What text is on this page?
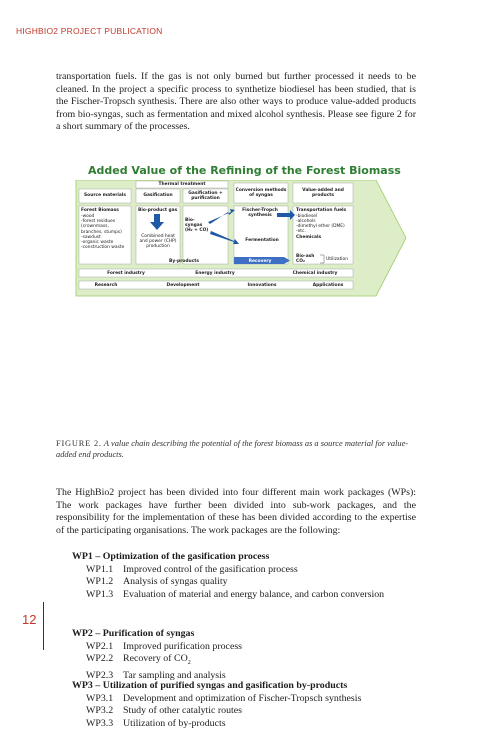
HIGHBIO2 PROJECT PUBLICATION
transportation fuels. If the gas is not only burned but further processed it needs to be cleaned. In the project a specific process to synthetize biodiesel has been studied, that is the Fischer-Tropsch synthesis. There are also other ways to produce value-added products from bio-syngas, such as fermentation and mixed alcohol synthesis. Please see figure 2 for a short summary of the processes.
Added Value of the Refining of the Forest Biomass
Source materials
Thermal treatment
Gasification	Gasification + purification
Conversion methods of syngas
Value-added and products
Forest Biomass
-wood
-forest residues
(crownmass,
branches, stumps)
-sawdust
-organic waste
-construction waste
Bio-product gas
Combined heat and power (CHP) production
Bio-syngas (H₂ + CO)
Fischer-Tropch synthesis
Fermentation
Transportation fuels
-biodiesel
-alcohols
-dimethyl ether (DME)
-etc.
Chemicals
Bio-ash CO₂	Utilization
By-products	Recovery
Forest industry	Energy industry	Chemical industry
Research	Development	Innovations	Applications
FIGURE 2. A value chain describing the potential of the forest biomass as a source material for value-added end products.
The HighBio2 project has been divided into four different main work packages (WPs): The work packages have further been divided into sub-work packages, and the responsibility for the implementation of these has been divided according to the expertise of the participating organisations. The work packages are the following:
WP1 – Optimization of the gasification process
WP1.1 Improved control of the gasification process
WP1.2 Analysis of syngas quality
WP1.3 Evaluation of material and energy balance, and carbon conversion
WP2 – Purification of syngas
WP2.1 Improved purification process
WP2.2 Recovery of $CO_2$
WP2.3 Tar sampling and analysis
WP3 – Utilization of purified syngas and gasification by-products
WP3.1 Development and optimization of Fischer-Tropsch synthesis
WP3.2 Study of other catalytic routes
WP3.3 Utilization of by-products
12
